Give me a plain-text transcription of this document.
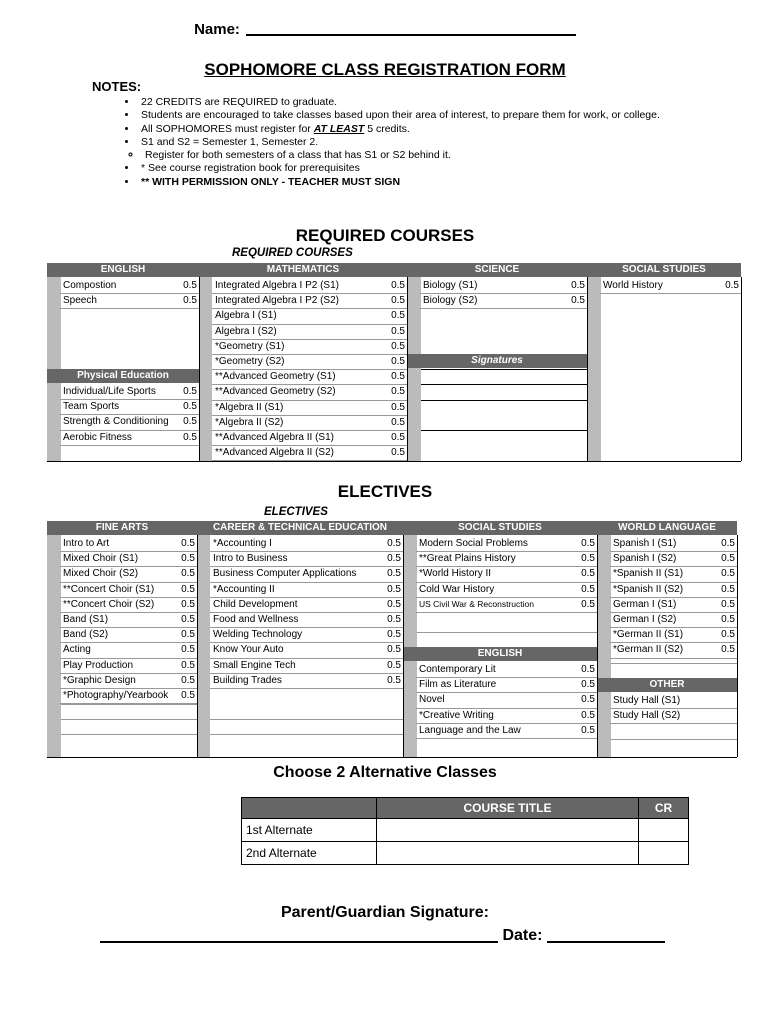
Name:
SOPHOMORE CLASS REGISTRATION FORM
NOTES:
• 22 CREDITS are REQUIRED to graduate.
• Students are encouraged to take classes based upon their area of interest, to prepare them for work, or college.
• All SOPHOMORES must register for AT LEAST 5 credits.
• S1 and S2 = Semester 1, Semester 2.
◦ Register for both semesters of a class that has S1 or S2 behind it.
• * See course registration book for prerequisites
• ** WITH PERMISSION ONLY - TEACHER MUST SIGN
REQUIRED COURSES
REQUIRED COURSES
ENGLISH
Compostion	0.5
Speech	0.5
Physical Education
Individual/Life Sports	0.5
Team Sports	0.5
Strength & Conditioning	0.5
Aerobic Fitness	0.5
MATHEMATICS
Integrated Algebra I P2 (S1)	0.5
Integrated Algebra I P2 (S2)	0.5
Algebra I (S1)	0.5
Algebra I (S2)	0.5
*Geometry (S1)	0.5
*Geometry (S2)	0.5
**Advanced Geometry (S1)	0.5
**Advanced Geometry (S2)	0.5
*Algebra II (S1)	0.5
*Algebra II (S2)	0.5
**Advanced Algebra II (S1)	0.5
**Advanced Algebra II (S2)	0.5
SCIENCE
Biology (S1)	0.5
Biology (S2)	0.5
Signatures
SOCIAL STUDIES
World History	0.5
ELECTIVES
ELECTIVES
FINE ARTS
Intro to Art	0.5
Mixed Choir (S1)	0.5
Mixed Choir (S2)	0.5
**Concert Choir (S1)	0.5
**Concert Choir (S2)	0.5
Band (S1)	0.5
Band (S2)	0.5
Acting	0.5
Play Production	0.5
*Graphic Design	0.5
*Photography/Yearbook	0.5
CAREER & TECHNICAL EDUCATION
*Accounting I	0.5
Intro to Business	0.5
Business Computer Applications	0.5
*Accounting II	0.5
Child Development	0.5
Food and Wellness	0.5
Welding Technology	0.5
Know Your Auto	0.5
Small Engine Tech	0.5
Building Trades	0.5
SOCIAL STUDIES
Modern Social Problems	0.5
**Great Plains History	0.5
*World History II	0.5
Cold War History	0.5
US Civil War & Reconstruction	0.5
ENGLISH
Contemporary Lit	0.5
Film as Literature	0.5
Novel	0.5
*Creative Writing	0.5
Language and the Law	0.5
WORLD LANGUAGE
Spanish I (S1)	0.5
Spanish I (S2)	0.5
*Spanish II (S1)	0.5
*Spanish II (S2)	0.5
German I (S1)	0.5
German I (S2)	0.5
*German II (S1)	0.5
*German II (S2)	0.5
OTHER
Study Hall (S1)
Study Hall (S2)
Choose 2 Alternative Classes
	COURSE TITLE	CR
1st Alternate		
2nd Alternate		
Parent/Guardian Signature:
Date:
